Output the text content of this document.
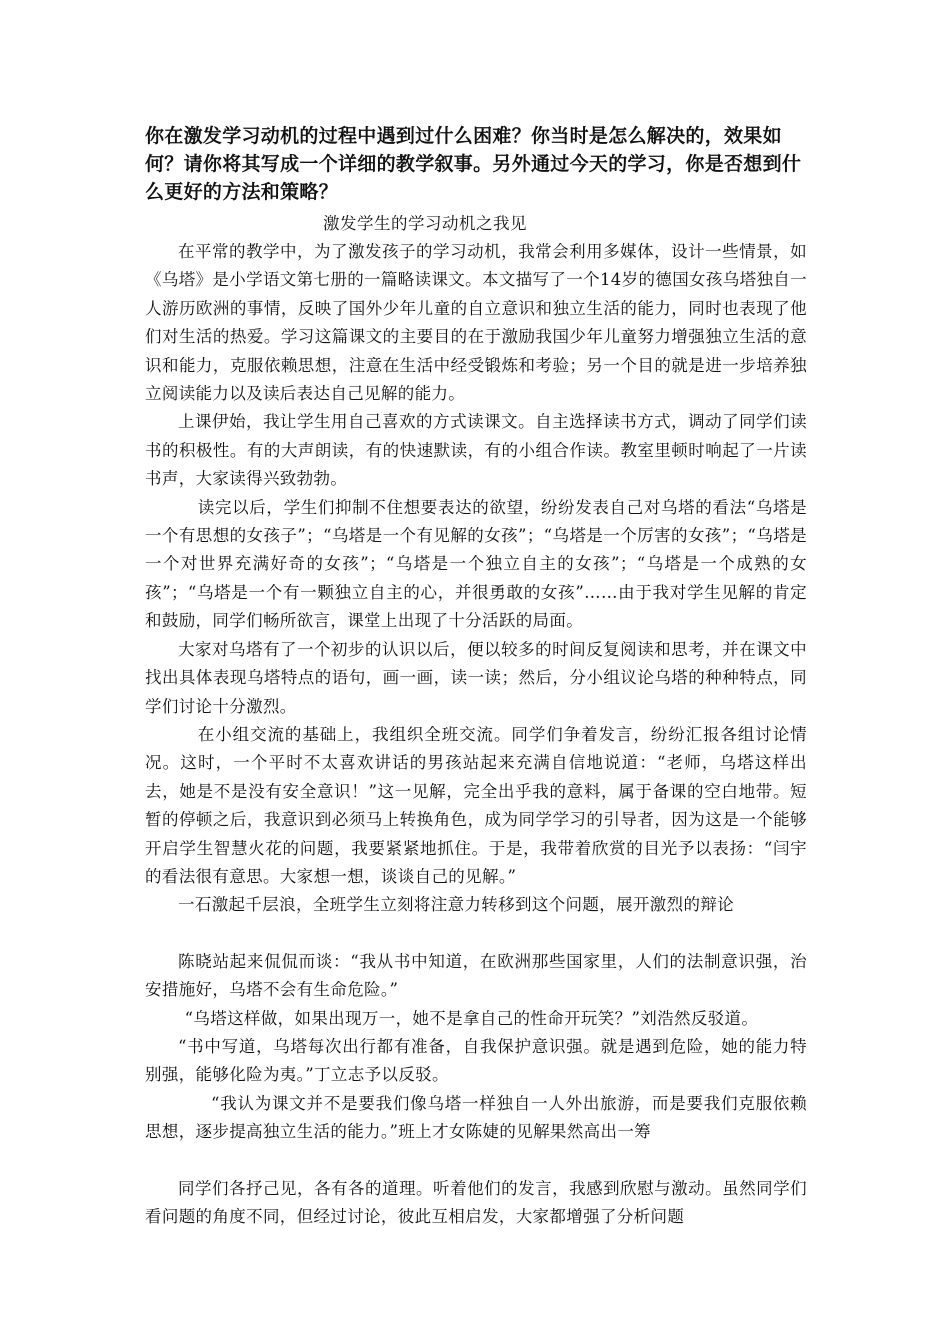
你在激发学习动机的过程中遇到过什么困难？你当时是怎么解决的，效果如何？请你将其写成一个详细的教学叙事。另外通过今天的学习，你是否想到什么更好的方法和策略？

激发学生的学习动机之我见

在平常的教学中，为了激发孩子的学习动机，我常会利用多媒体，设计一些情景，如《乌塔》是小学语文第七册的一篇略读课文。本文描写了一个14岁的德国女孩乌塔独自一人游历欧洲的事情，反映了国外少年儿童的自立意识和独立生活的能力，同时也表现了他们对生活的热爱。学习这篇课文的主要目的在于激励我国少年儿童努力增强独立生活的意识和能力，克服依赖思想，注意在生活中经受锻炼和考验；另一个目的就是进一步培养独立阅读能力以及读后表达自己见解的能力。

上课伊始，我让学生用自己喜欢的方式读课文。自主选择读书方式，调动了同学们读书的积极性。有的大声朗读，有的快速默读，有的小组合作读。教室里顿时响起了一片读书声，大家读得兴致勃勃。

读完以后，学生们抑制不住想要表达的欲望，纷纷发表自己对乌塔的看法“乌塔是一个有思想的女孩子”；“乌塔是一个有见解的女孩”；“乌塔是一个厉害的女孩”；“乌塔是一个对世界充满好奇的女孩”；“乌塔是一个独立自主的女孩”；“乌塔是一个成熟的女孩”；“乌塔是一个有一颗独立自主的心，并很勇敢的女孩”……由于我对学生见解的肯定和鼓励，同学们畅所欲言，课堂上出现了十分活跃的局面。

大家对乌塔有了一个初步的认识以后，便以较多的时间反复阅读和思考，并在课文中找出具体表现乌塔特点的语句，画一画，读一读；然后，分小组议论乌塔的种种特点，同学们讨论十分激烈。

在小组交流的基础上，我组织全班交流。同学们争着发言，纷纷汇报各组讨论情况。这时，一个平时不太喜欢讲话的男孩站起来充满自信地说道：“老师，乌塔这样出去，她是不是没有安全意识！”这一见解，完全出乎我的意料，属于备课的空白地带。短暂的停顿之后，我意识到必须马上转换角色，成为同学学习的引导者，因为这是一个能够开启学生智慧火花的问题，我要紧紧地抓住。于是，我带着欣赏的目光予以表扬：“闫宇的看法很有意思。大家想一想，谈谈自己的见解。”

一石激起千层浪，全班学生立刻将注意力转移到这个问题，展开激烈的辩论

陈晓站起来侃侃而谈：“我从书中知道，在欧洲那些国家里，人们的法制意识强，治安措施好，乌塔不会有生命危险。”

“乌塔这样做，如果出现万一，她不是拿自己的性命开玩笑？”刘浩然反驳道。

“书中写道，乌塔每次出行都有准备，自我保护意识强。就是遇到危险，她的能力特别强，能够化险为夷。”丁立志予以反驳。

“我认为课文并不是要我们像乌塔一样独自一人外出旅游，而是要我们克服依赖思想，逐步提高独立生活的能力。”班上才女陈婕的见解果然高出一筹

同学们各抒己见，各有各的道理。听着他们的发言，我感到欣慰与激动。虽然同学们看问题的角度不同，但经过讨论，彼此互相启发，大家都增强了分析问题
